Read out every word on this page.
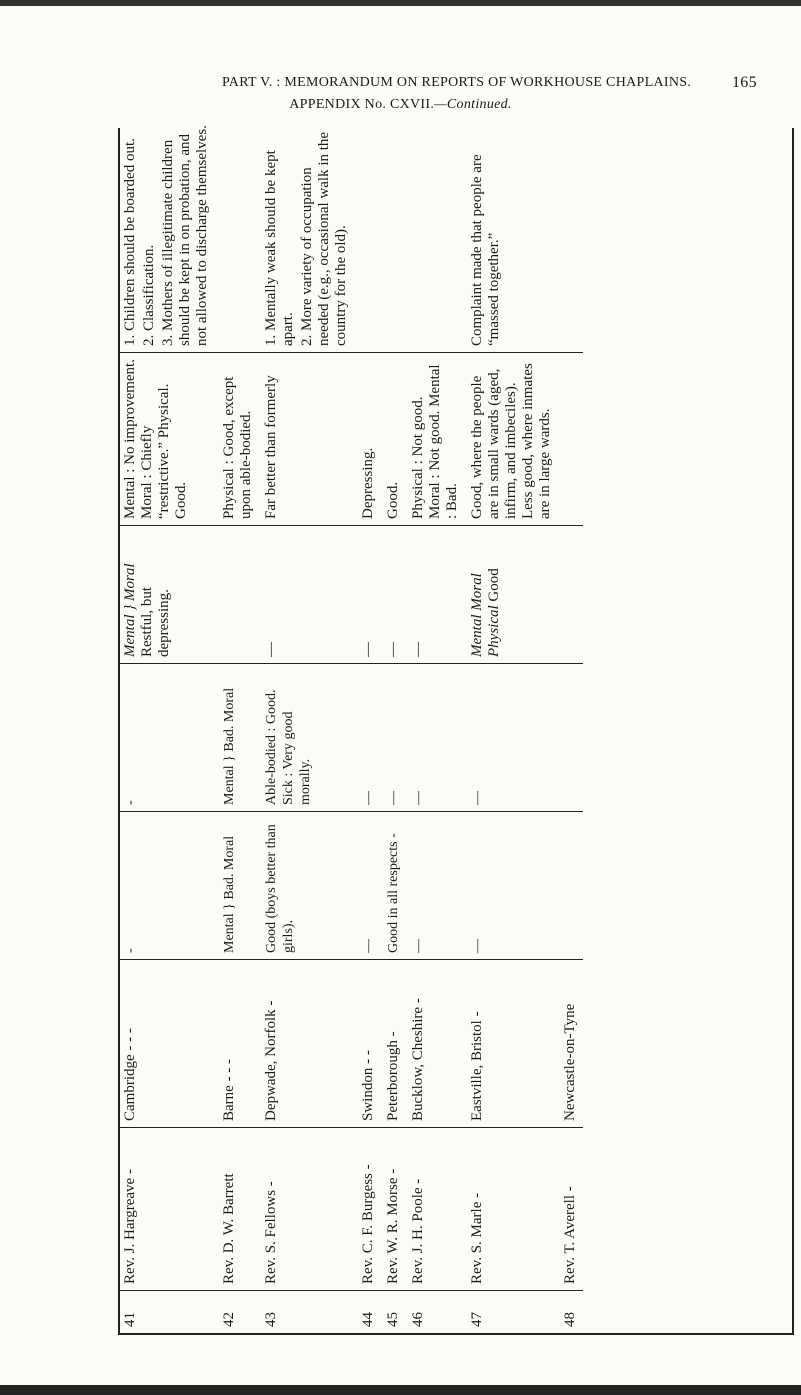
PART V. : MEMORANDUM ON REPORTS OF WORKHOUSE CHAPLAINS.	165
APPENDIX No. CXVII.—Continued.
41	Rev. J. Hargreave -	Cambridge - - -	-	-	Mental } Moral Restful, but depressing.	Mental : No improvement. Moral : Chiefly “restrictive.” Physical. Good.	1. Children should be boarded out. 2. Classification. 3. Mothers of illegitimate children should be kept in on probation, and not allowed to discharge themselves.

42	Rev. D. W. Barrett	Barne - - -	Mental } Bad. Moral	Mental } Bad. Moral		Physical : Good, except upon able-bodied.	

43	Rev. S. Fellows -	Depwade, Norfolk -	Good (boys better than girls).	Able-bodied : Good. Sick : Very good morally.	—	Far better than formerly	1. Mentally weak should be kept apart. 2. More variety of occupation needed (e.g., occasional walk in the country for the old).

44	Rev. C. F. Burgess -	Swindon - -	—	—	—	Depressing.	

45	Rev. W. R. Morse -	Peterborough -	Good in all respects -	—	—	Good.	

46	Rev. J. H. Poole -	Bucklow, Cheshire -	—	—	—	Physical : Not good. Moral : Not good. Mental : Bad.	

47	Rev. S. Marle -	Eastville, Bristol -	—	—	Mental Moral Physical Good	Good, where the people are in small wards (aged, infirm, and imbeciles). Less good, where inmates are in large wards.	Complaint made that people are “massed together.”

48	Rev. T. Averell -	Newcastle-on-Tyne					
